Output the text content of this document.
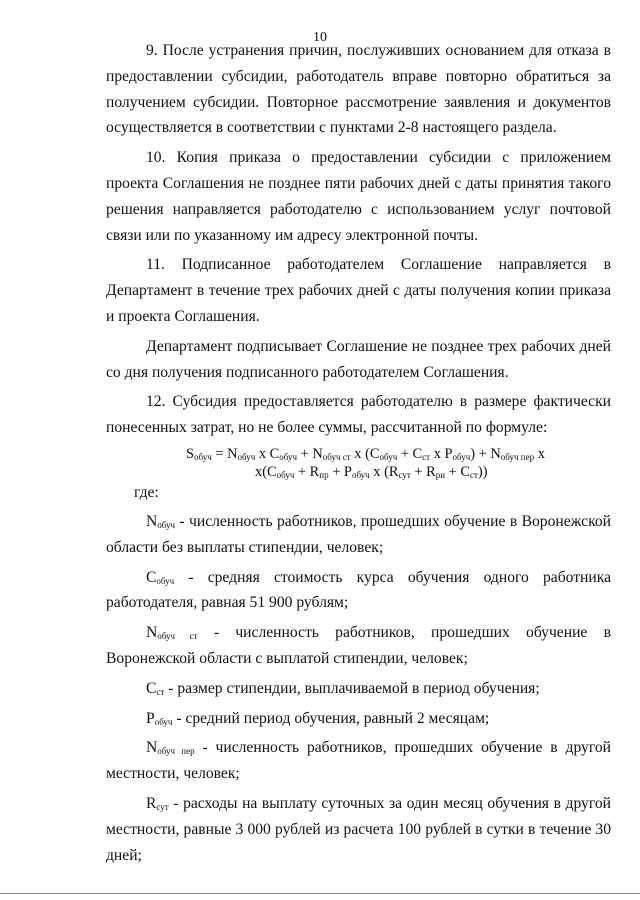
10

9. После устранения причин, послуживших основанием для отказа в предоставлении субсидии, работодатель вправе повторно обратиться за получением субсидии. Повторное рассмотрение заявления и документов осуществляется в соответствии с пунктами 2-8 настоящего раздела.

10. Копия приказа о предоставлении субсидии с приложением проекта Соглашения не позднее пяти рабочих дней с даты принятия такого решения направляется работодателю с использованием услуг почтовой связи или по указанному им адресу электронной почты.

11. Подписанное работодателем Соглашение направляется в Департамент в течение трех рабочих дней с даты получения копии приказа и проекта Соглашения.

Департамент подписывает Соглашение не позднее трех рабочих дней со дня получения подписанного работодателем Соглашения.

12. Субсидия предоставляется работодателю в размере фактически понесенных затрат, но не более суммы, рассчитанной по формуле:

$S_{обуч} = N_{обуч}$ x $C_{обуч} + N_{обуч ст}$ x ($C_{обуч} + C_{ст}$ x $P_{обуч}) + N_{обуч пер}$ x
$x(C_{обуч} + R_{пр} + P_{обуч}$ x $(R_{сут} + R_{ри} + C_{ст})$)
где:

$N_{обуч}$ - численность работников, прошедших обучение в Воронежской области без выплаты стипендии, человек;

$C_{обуч}$ - средняя стоимость курса обучения одного работника работодателя, равная 51 900 рублям;

$N_{обуч ст}$ - численность работников, прошедших обучение в Воронежской области с выплатой стипендии, человек;

$C_{ст}$ - размер стипендии, выплачиваемой в период обучения;

$P_{обуч}$ - средний период обучения, равный 2 месяцам;

$N_{обуч пер}$ - численность работников, прошедших обучение в другой местности, человек;

$R_{сут}$ - расходы на выплату суточных за один месяц обучения в другой местности, равные 3 000 рублей из расчета 100 рублей в сутки в течение 30 дней;
